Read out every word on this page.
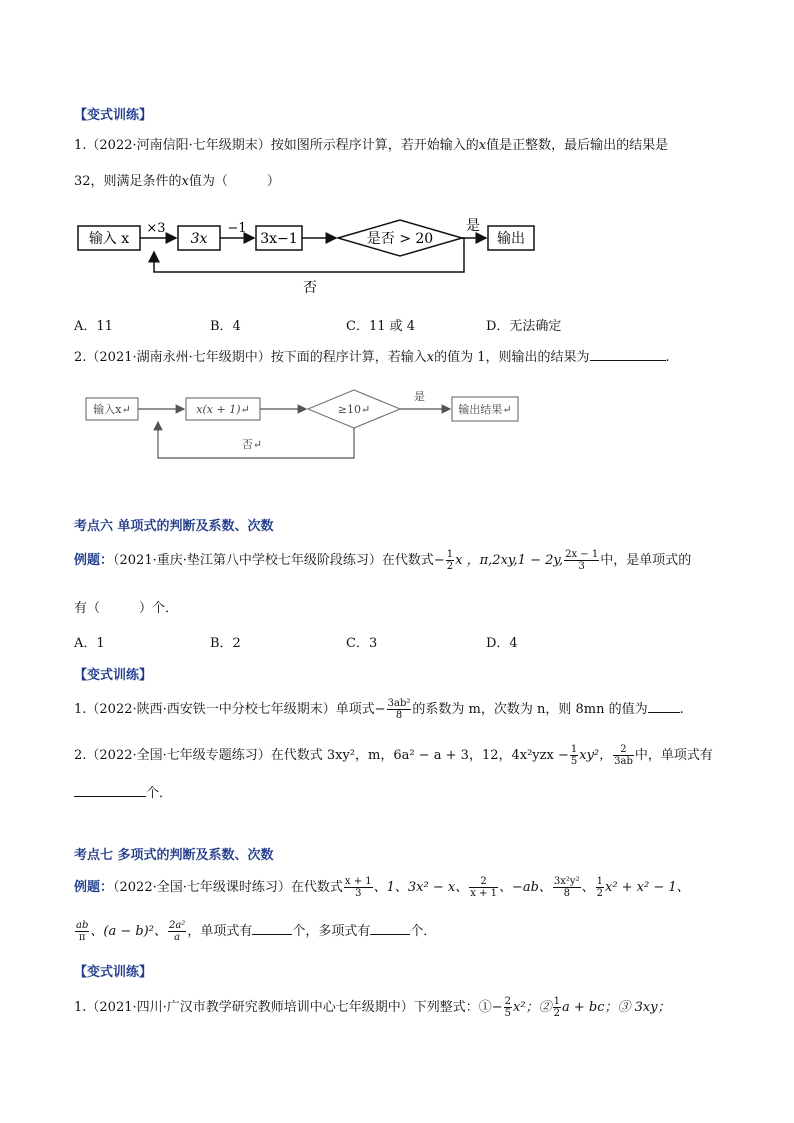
【变式训练】
1.（2022·河南信阳·七年级期末）按如图所示程序计算，若开始输入的x值是正整数，最后输出的结果是
32，则满足条件的x值为（　　　）
输入 x
×3
3x
−1
3x−1	是否 > 20
是
输出
否
A．11	B．4	C．11 或 4	D．无法确定
2.（2021·湖南永州·七年级期中）按下面的程序计算，若输入x的值为 1，则输出的结果为	.
输入x↵	x(x + 1)↵	≥10↵
是
输出结果↵
否↵
考点六 单项式的判断及系数、次数
例题：（2021·重庆·垫江第八中学校七年级阶段练习）在代数式− $\frac{1}{2}$ x ，π,2xy,1 − 2y, $\frac{2x - 1}{3}$ 中，是单项式的
有（　　　）个．
A．1	B．2	C．3	D．4
【变式训练】
1.（2022·陕西·西安铁一中分校七年级期末）单项式− $\frac{\text{3ab²}}{8}$ 的系数为 m，次数为 n，则 8mn 的值为 .
2.（2022·全国·七年级专题练习）在代数式 3xy²，m，6a² − a + 3，12，$4x^2yzx - \frac{1}{5} xy^2$， $\frac{2}{3ab}$ 中，单项式有
个．
考点七 多项式的判断及系数、次数
例题：（2022·全国·七年级课时练习）在代数式 $\frac{x + 1}{3}$ 、1、3x² − x、 $\frac{2}{x + 1}$ 、−ab、 $\frac{\text{3x²y²}}{8}$ 、 $\frac{1}{2} x^2 + x^2 - 1$、
$\frac{ab}{\pi}$ 、(a − b)²、 $\frac{\text{2a²}}{a}$ ，单项式有	个，多项式有	个．
【变式训练】
1.（2021·四川·广汉市教学研究教师培训中心七年级期中）下列整式：①− $\frac{2}{5} x^2$；② $\frac{1}{2}$ a + bc；③ 3xy；
